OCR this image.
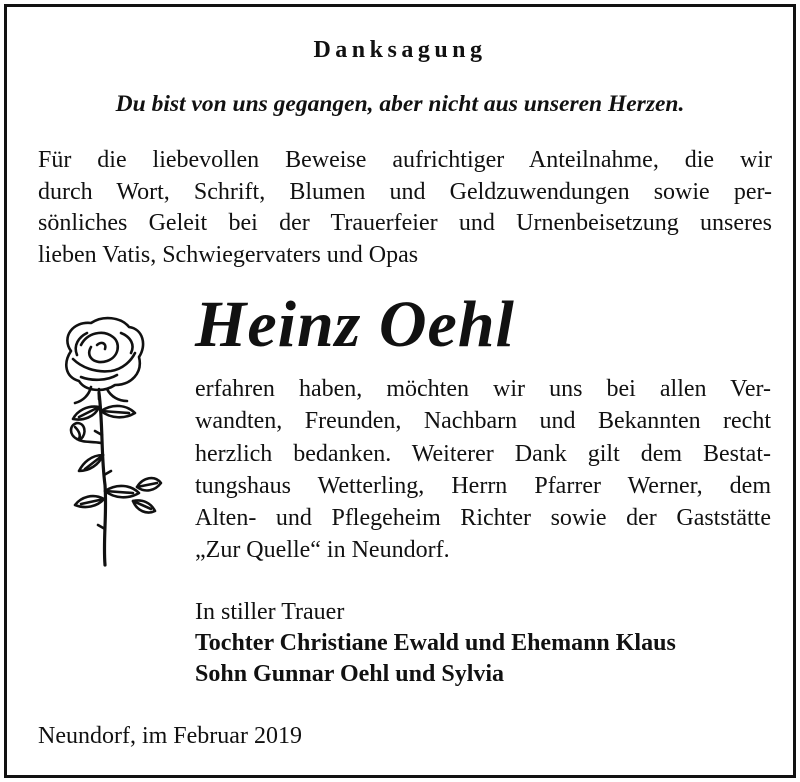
Danksagung

Du bist von uns gegangen, aber nicht aus unseren Herzen.

Für die liebevollen Beweise aufrichtiger Anteilnahme, die wir
durch Wort, Schrift, Blumen und Geldzuwendungen sowie per-
sönliches Geleit bei der Trauerfeier und Urnenbeisetzung unseres
lieben Vatis, Schwiegervaters und Opas

Heinz Oehl

erfahren haben, möchten wir uns bei allen Ver-
wandten, Freunden, Nachbarn und Bekannten recht
herzlich bedanken. Weiterer Dank gilt dem Bestat-
tungshaus Wetterling, Herrn Pfarrer Werner, dem
Alten- und Pflegeheim Richter sowie der Gaststätte
„Zur Quelle“ in Neundorf.

In stiller Trauer
Tochter Christiane Ewald und Ehemann Klaus
Sohn Gunnar Oehl und Sylvia

Neundorf, im Februar 2019
